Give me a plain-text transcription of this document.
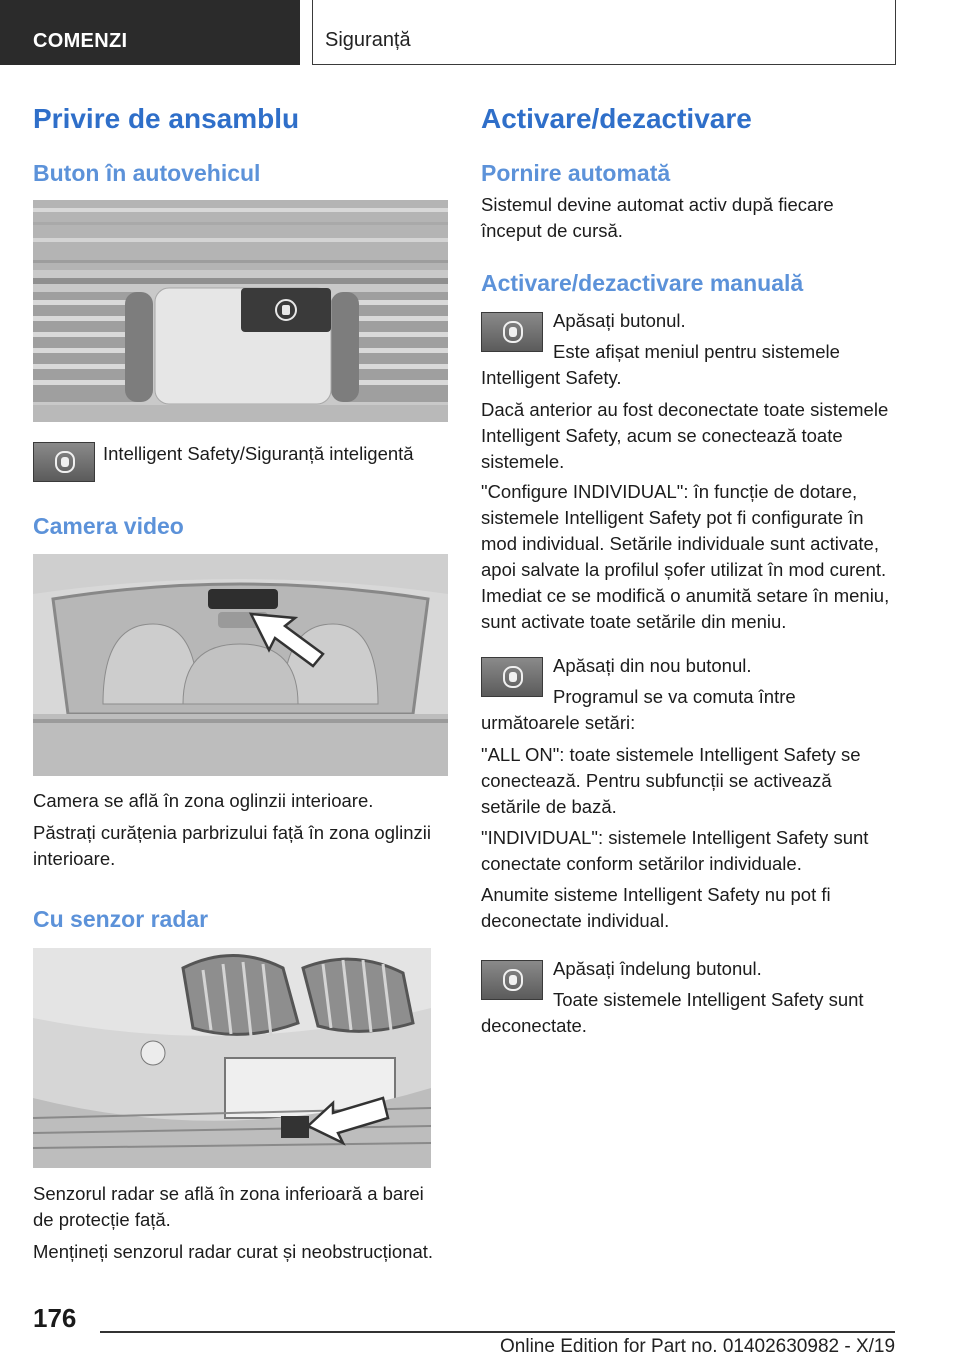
COMENZI	Siguranță
Privire de ansamblu
Buton în autovehicul
Intelligent Safety/Siguranță inteligentă
Camera video
Camera se află în zona oglinzii interioare.
Păstrați curățenia parbrizului față în zona oglinzii interioare.
Cu senzor radar
Senzorul radar se află în zona inferioară a barei de protecție față.
Mențineți senzorul radar curat și neobstrucționat.
Activare/dezactivare
Pornire automată
Sistemul devine automat activ după fiecare început de cursă.
Activare/dezactivare manuală
Apăsați butonul.
Este afișat meniul pentru sistemele Intelligent Safety.
Dacă anterior au fost deconectate toate sistemele Intelligent Safety, acum se conectează toate sistemele.
"Configure INDIVIDUAL": în funcție de dotare, sistemele Intelligent Safety pot fi configurate în mod individual. Setările individuale sunt activate, apoi salvate la profilul șofer utilizat în mod curent. Imediat ce se modifică o anumită setare în meniu, sunt activate toate setările din meniu.
Apăsați din nou butonul.
Programul se va comuta între următoarele setări:
"ALL ON": toate sistemele Intelligent Safety se conectează. Pentru subfuncții se activează setările de bază.
"INDIVIDUAL": sistemele Intelligent Safety sunt conectate conform setărilor individuale.
Anumite sisteme Intelligent Safety nu pot fi deconectate individual.
Apăsați îndelung butonul.
Toate sistemele Intelligent Safety sunt deconectate.
176
Online Edition for Part no. 01402630982 - X/19
